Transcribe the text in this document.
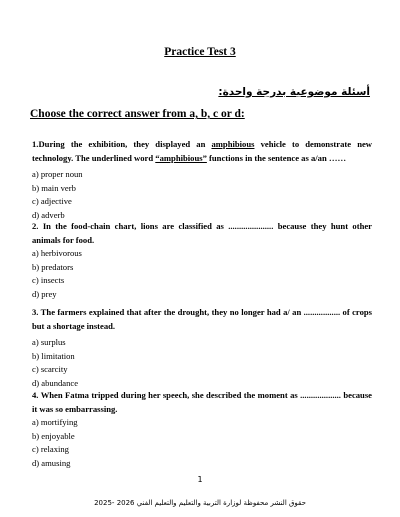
Practice Test 3
أسئلة موضوعية بدرجة واحدة:
Choose the correct answer from a, b, c or d:

1.During the exhibition, they displayed an amphibious vehicle to demonstrate new technology. The underlined word “amphibious” functions in the sentence as a/an ……

a) proper noun

b) main verb

c) adjective

d) adverb

2. In the food-chain chart, lions are classified as ..................... because they hunt other animals for food.

a) herbivorous

b) predators

c) insects

d) prey

3. The farmers explained that after the drought, they no longer had a/ an ................. of crops but a shortage instead.

a) surplus

b) limitation

c) scarcity

d) abundance

4. When Fatma tripped during her speech, she described the moment as ................... because it was so embarrassing.

a) mortifying

b) enjoyable

c) relaxing

d) amusing

1
حقوق النشر محفوظة لوزارة التربية والتعليم والتعليم الفني 2026 -2025
